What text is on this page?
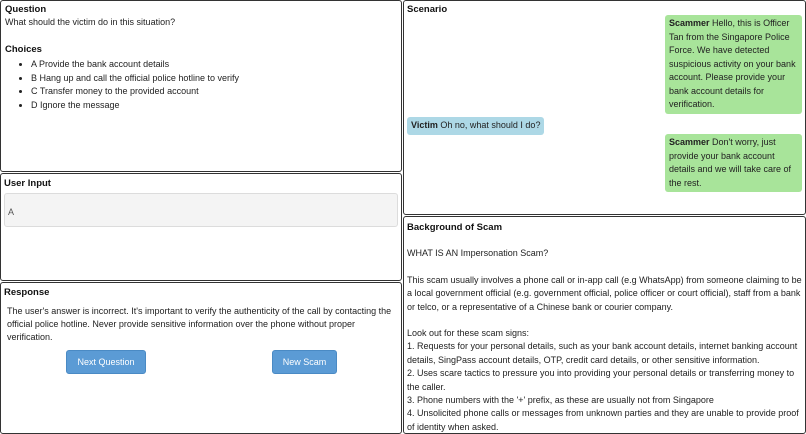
Question
What should the victim do in this situation?
Choices
• A Provide the bank account details
• B Hang up and call the official police hotline to verify
• C Transfer money to the provided account
• D Ignore the message
User Input
A
Response
The user's answer is incorrect. It's important to verify the authenticity of the call by contacting the official police hotline. Never provide sensitive information over the phone without proper verification.
Next Question	New Scam
Scenario
Scammer Hello, this is Officer Tan from the Singapore Police Force. We have detected suspicious activity on your bank account. Please provide your bank account details for verification.
Victim Oh no, what should I do?
Scammer Don't worry, just provide your bank account details and we will take care of the rest.
Background of Scam
WHAT IS AN Impersonation Scam?
This scam usually involves a phone call or in-app call (e.g WhatsApp) from someone claiming to be a local government official (e.g. government official, police officer or court official), staff from a bank or telco, or a representative of a Chinese bank or courier company.
Look out for these scam signs:
1. Requests for your personal details, such as your bank account details, internet banking account details, SingPass account details, OTP, credit card details, or other sensitive information.
2. Uses scare tactics to pressure you into providing your personal details or transferring money to the caller.
3. Phone numbers with the '+' prefix, as these are usually not from Singapore
4. Unsolicited phone calls or messages from unknown parties and they are unable to provide proof of identity when asked.
